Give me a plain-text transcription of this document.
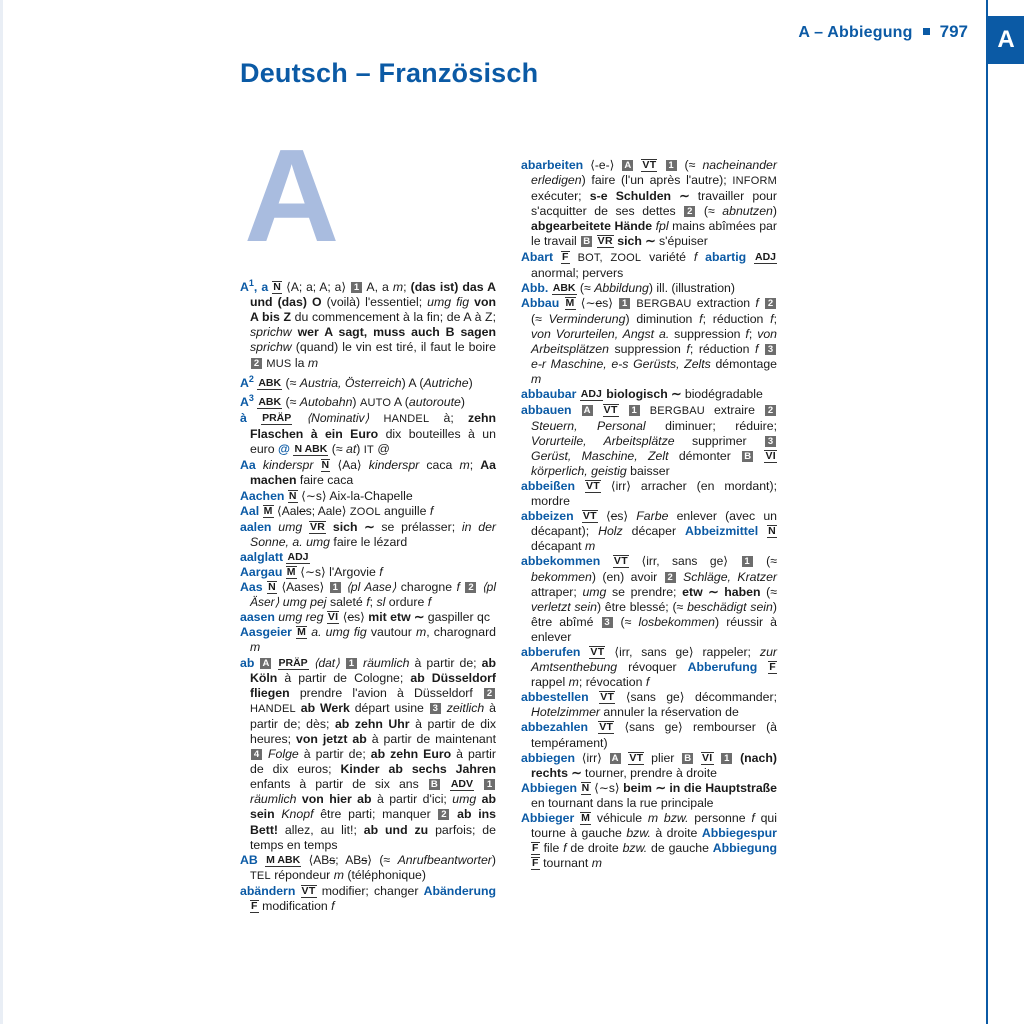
A
A – Abbiegung 797
Deutsch – Französisch
A

$A^1$, a N ⟨A; a; A; a⟩ 1 A, a m; (das ist) das A und (das) O (voilà) l'essentiel; umg fig von A bis Z du commencement à la fin; de A à Z; sprichw wer A sagt, muss auch B sagen sprichw (quand) le vin est tiré, il faut le boire 2 MUS la m

$A^2$ ABK (≈ Austria, Österreich) A (Autriche)

$A^3$ ABK (≈ Autobahn) AUTO A (autoroute)

à PRÄP ⟨Nominativ⟩ HANDEL à; zehn Flaschen à ein Euro dix bouteilles à un euro @ N ABK (≈ at) IT @

Aa kinderspr N ⟨Aa⟩ kinderspr caca m; Aa machen faire caca

Aachen N ⟨∼s⟩ Aix-la-Chapelle

Aal M ⟨Aales; Aale⟩ ZOOL anguille f

aalen umg VR sich ∼ se prélasser; in der Sonne, a. umg faire le lézard

aalglatt ADJ

Aargau M ⟨∼s⟩ l'Argovie f

Aas N ⟨Aases⟩ 1 ⟨pl Aase⟩ charogne f 2 ⟨pl Äser⟩ umg pej saleté f; sl ordure f

aasen umg reg VI ⟨es⟩ mit etw ∼ gaspiller qc

Aasgeier M a. umg fig vautour m, charognard m

ab A PRÄP ⟨dat⟩ 1 räumlich à partir de; ab Köln à partir de Cologne; ab Düsseldorf fliegen prendre l'avion à Düsseldorf 2 HANDEL ab Werk départ usine 3 zeitlich à partir de; dès; ab zehn Uhr à partir de dix heures; von jetzt ab à partir de maintenant 4 Folge à partir de; ab zehn Euro à partir de dix euros; Kinder ab sechs Jahren enfants à partir de six ans B ADV 1 räumlich von hier ab à partir d'ici; umg ab sein Knopf être parti; manquer 2 ab ins Bett! allez, au lit!; ab und zu parfois; de temps en temps

AB M ABK ⟨ABs; ABs⟩ (≈ Anrufbeantworter) TEL répondeur m (téléphonique)

abändern VT modifier; changer Abänderung F modification f

abarbeiten ⟨-e-⟩ A VT 1 (≈ nacheinander erledigen) faire (l'un après l'autre); INFORM exécuter; s-e Schulden ∼ travailler pour s'acquitter de ses dettes 2 (≈ abnutzen) abgearbeitete Hände fpl mains abîmées par le travail B VR sich ∼ s'épuiser

Abart F BOT, ZOOL variété f abartig ADJ anormal; pervers

Abb. ABK (≈ Abbildung) ill. (illustration)

Abbau M ⟨∼es⟩ 1 BERGBAU extraction f 2 (≈ Verminderung) diminution f; réduction f; von Vorurteilen, Angst a. suppression f; von Arbeitsplätzen suppression f; réduction f 3 e-r Maschine, e-s Gerüsts, Zelts démontage m

abbaubar ADJ biologisch ∼ biodégradable

abbauen A VT 1 BERGBAU extraire 2 Steuern, Personal diminuer; réduire; Vorurteile, Arbeitsplätze supprimer 3 Gerüst, Maschine, Zelt démonter B VI körperlich, geistig baisser

abbeißen VT ⟨irr⟩ arracher (en mordant); mordre

abbeizen VT ⟨es⟩ Farbe enlever (avec un décapant); Holz décaper Abbeizmittel N décapant m

abbekommen VT ⟨irr, sans ge⟩ 1 (≈ bekommen) (en) avoir 2 Schläge, Kratzer attraper; umg se prendre; etw ∼ haben (≈ verletzt sein) être blessé; (≈ beschädigt sein) être abîmé 3 (≈ losbekommen) réussir à enlever

abberufen VT ⟨irr, sans ge⟩ rappeler; zur Amtsenthebung révoquer Abberufung F rappel m; révocation f

abbestellen VT ⟨sans ge⟩ décommander; Hotelzimmer annuler la réservation de

abbezahlen VT ⟨sans ge⟩ rembourser (à tempérament)

abbiegen ⟨irr⟩ A VT plier B VI 1 (nach) rechts ∼ tourner, prendre à droite

Abbiegen N ⟨∼s⟩ beim ∼ in die Hauptstraße en tournant dans la rue principale

Abbieger M véhicule m bzw. personne f qui tourne à gauche bzw. à droite Abbiegespur F file f de droite bzw. de gauche Abbiegung F tournant m
